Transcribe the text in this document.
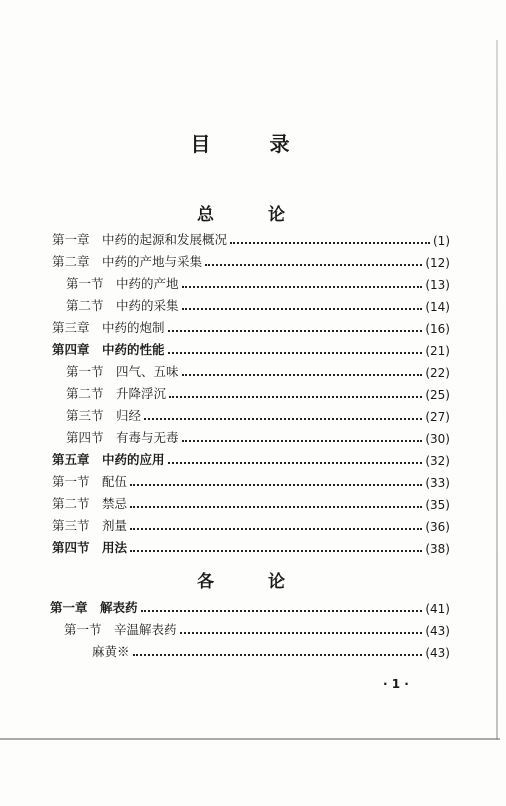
目 录
总 论
第一章　中药的起源和发展概况	(1)
第二章　中药的产地与采集	(12)
第一节　中药的产地	(13)
第二节　中药的采集	(14)
第三章　中药的炮制	(16)
第四章　中药的性能	(21)
第一节　四气、五味	(22)
第二节　升降浮沉	(25)
第三节　归经	(27)
第四节　有毒与无毒	(30)
第五章　中药的应用	(32)
第一节　配伍	(33)
第二节　禁忌	(35)
第三节　剂量	(36)
第四节　用法	(38)
各 论
第一章　解表药	(41)
第一节　辛温解表药	(43)
麻黄※	(43)
· 1 ·
